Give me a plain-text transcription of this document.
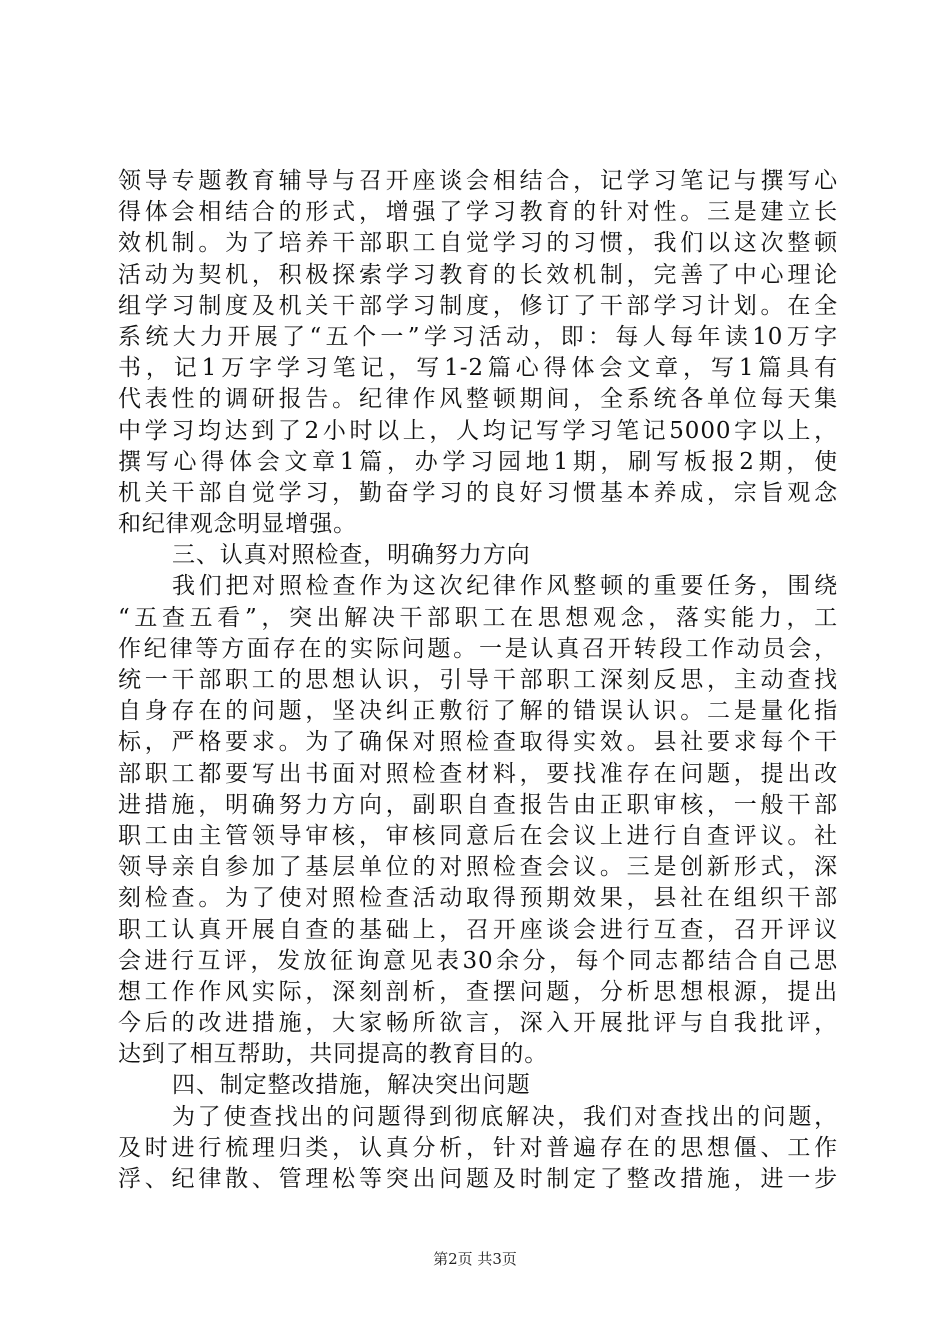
领导专题教育辅导与召开座谈会相结合，记学习笔记与撰写心
得体会相结合的形式，增强了学习教育的针对性。三是建立长
效机制。为了培养干部职工自觉学习的习惯，我们以这次整顿
活动为契机，积极探索学习教育的长效机制，完善了中心理论
组学习制度及机关干部学习制度，修订了干部学习计划。在全
系统大力开展了“五个一”学习活动，即：每人每年读10万字
书，记1万字学习笔记，写1-2篇心得体会文章，写1篇具有
代表性的调研报告。纪律作风整顿期间，全系统各单位每天集
中学习均达到了2小时以上，人均记写学习笔记5000字以上，
撰写心得体会文章1篇，办学习园地1期，刷写板报2期，使
机关干部自觉学习，勤奋学习的良好习惯基本养成，宗旨观念
和纪律观念明显增强。
三、认真对照检查，明确努力方向
我们把对照检查作为这次纪律作风整顿的重要任务，围绕
“五查五看”，突出解决干部职工在思想观念，落实能力，工
作纪律等方面存在的实际问题。一是认真召开转段工作动员会，
统一干部职工的思想认识，引导干部职工深刻反思，主动查找
自身存在的问题，坚决纠正敷衍了解的错误认识。二是量化指
标，严格要求。为了确保对照检查取得实效。县社要求每个干
部职工都要写出书面对照检查材料，要找准存在问题，提出改
进措施，明确努力方向，副职自查报告由正职审核，一般干部
职工由主管领导审核，审核同意后在会议上进行自查评议。社
领导亲自参加了基层单位的对照检查会议。三是创新形式，深
刻检查。为了使对照检查活动取得预期效果，县社在组织干部
职工认真开展自查的基础上，召开座谈会进行互查，召开评议
会进行互评，发放征询意见表30余分，每个同志都结合自己思
想工作作风实际，深刻剖析，查摆问题，分析思想根源，提出
今后的改进措施，大家畅所欲言，深入开展批评与自我批评，
达到了相互帮助，共同提高的教育目的。
四、制定整改措施，解决突出问题
为了使查找出的问题得到彻底解决，我们对查找出的问题，
及时进行梳理归类，认真分析，针对普遍存在的思想僵、工作
浮、纪律散、管理松等突出问题及时制定了整改措施，进一步
第2页 共3页
